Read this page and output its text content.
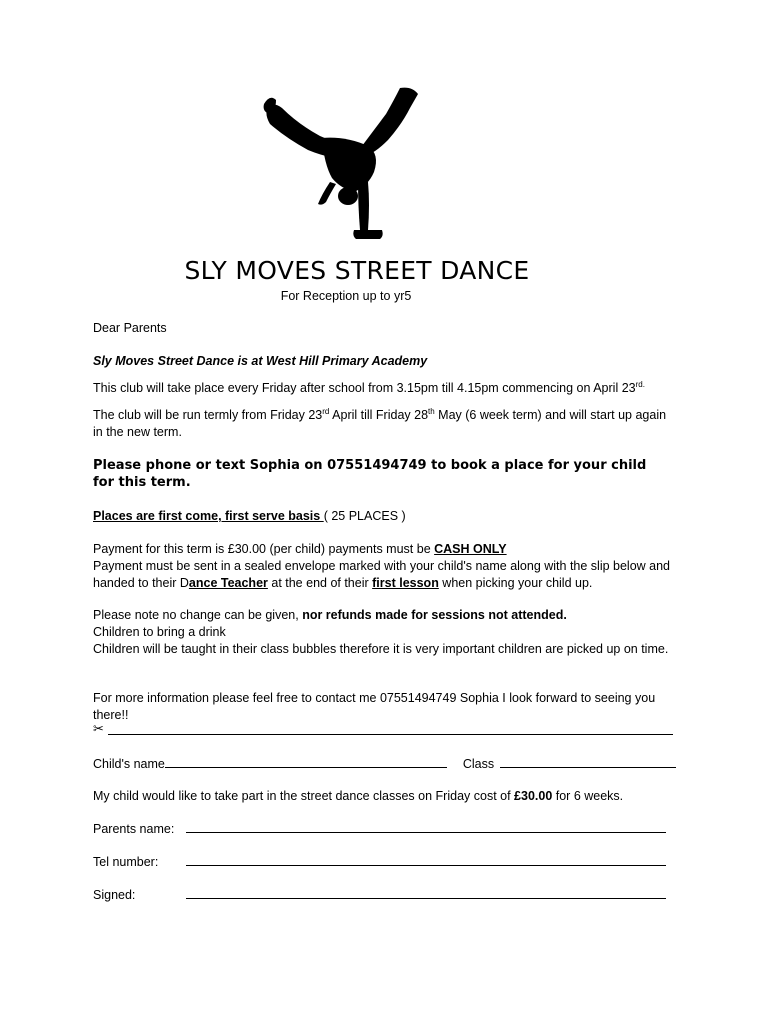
SLY MOVES STREET DANCE
For Reception up to yr5
Dear Parents
Sly Moves Street Dance is at West Hill Primary Academy
This club will take place every Friday after school from 3.15pm till 4.15pm commencing on April $23^{rd.}$
The club will be run termly from Friday 23rd April till Friday 28th May (6 week term) and will start up again in the new term.
Please phone or text Sophia on 07551494749 to book a place for your child for this term.
Places are first come, first serve basis ( 25 PLACES )
Payment for this term is £30.00 (per child) payments must be CASH ONLY
Payment must be sent in a sealed envelope marked with your child's name along with the slip below and handed to their Dance Teacher at the end of their first lesson when picking your child up.
Please note no change can be given, nor refunds made for sessions not attended.
Children to bring a drink
Children will be taught in their class bubbles therefore it is very important children are picked up on time.
For more information please feel free to contact me 07551494749 Sophia I look forward to seeing you there!!
✂
Child's name	Class
My child would like to take part in the street dance classes on Friday cost of £30.00 for 6 weeks.
Parents name:
Tel number:
Signed:
